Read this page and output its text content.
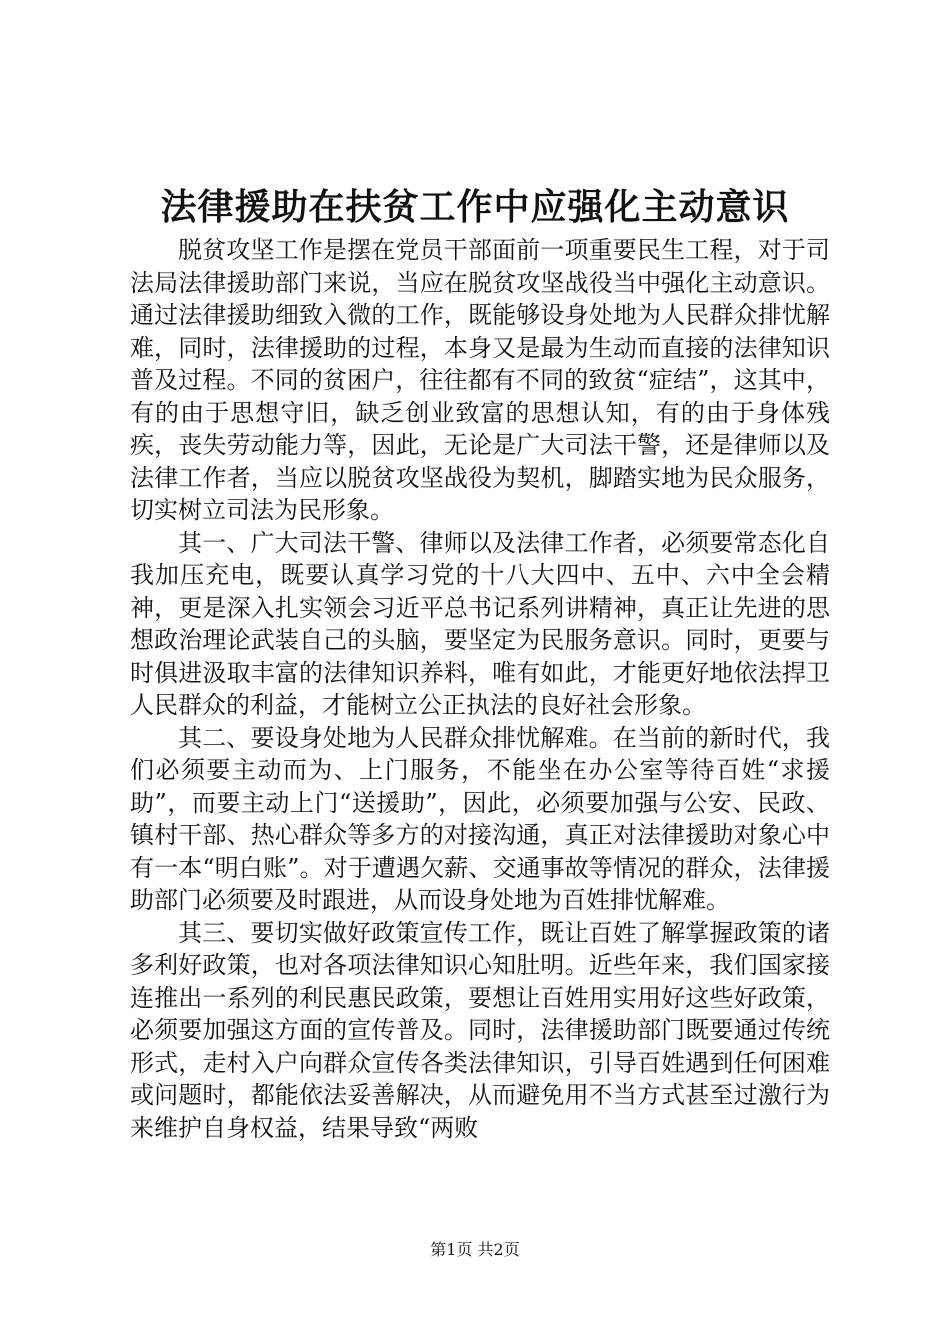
法律援助在扶贫工作中应强化主动意识

脱贫攻坚工作是摆在党员干部面前一项重要民生工程，对于司法局法律援助部门来说，当应在脱贫攻坚战役当中强化主动意识。通过法律援助细致入微的工作，既能够设身处地为人民群众排忧解难，同时，法律援助的过程，本身又是最为生动而直接的法律知识普及过程。不同的贫困户，往往都有不同的致贫“症结”，这其中，有的由于思想守旧，缺乏创业致富的思想认知，有的由于身体残疾，丧失劳动能力等，因此，无论是广大司法干警，还是律师以及法律工作者，当应以脱贫攻坚战役为契机，脚踏实地为民众服务，切实树立司法为民形象。

其一、广大司法干警、律师以及法律工作者，必须要常态化自我加压充电，既要认真学习党的十八大四中、五中、六中全会精神，更是深入扎实领会习近平总书记系列讲精神，真正让先进的思想政治理论武装自己的头脑，要坚定为民服务意识。同时，更要与时俱进汲取丰富的法律知识养料，唯有如此，才能更好地依法捍卫人民群众的利益，才能树立公正执法的良好社会形象。

其二、要设身处地为人民群众排忧解难。在当前的新时代，我们必须要主动而为、上门服务，不能坐在办公室等待百姓“求援助”，而要主动上门“送援助”，因此，必须要加强与公安、民政、镇村干部、热心群众等多方的对接沟通，真正对法律援助对象心中有一本“明白账”。对于遭遇欠薪、交通事故等情况的群众，法律援助部门必须要及时跟进，从而设身处地为百姓排忧解难。

其三、要切实做好政策宣传工作，既让百姓了解掌握政策的诸多利好政策，也对各项法律知识心知肚明。近些年来，我们国家接连推出一系列的利民惠民政策，要想让百姓用实用好这些好政策，必须要加强这方面的宣传普及。同时，法律援助部门既要通过传统形式，走村入户向群众宣传各类法律知识，引导百姓遇到任何困难或问题时，都能依法妥善解决，从而避免用不当方式甚至过激行为来维护自身权益，结果导致“两败

第1页 共2页
